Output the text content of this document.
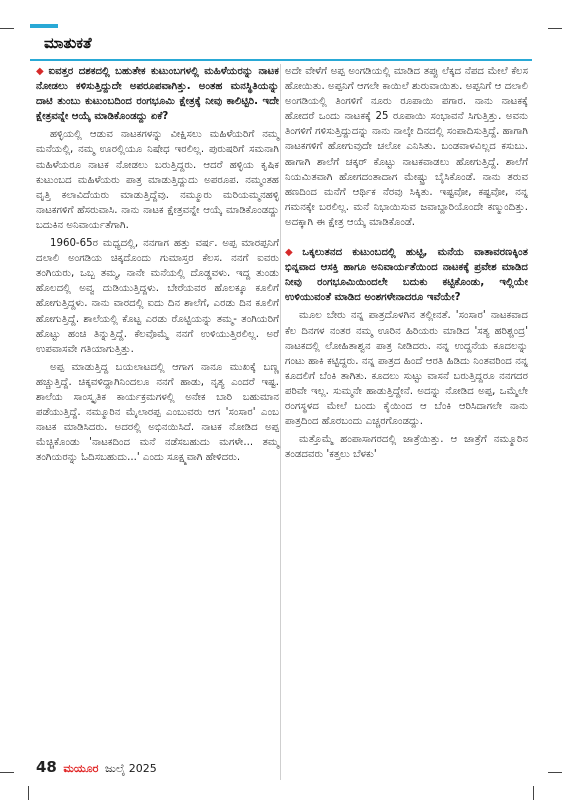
ಮಾತುಕತೆ

◆ ಐವತ್ತರ ದಶಕದಲ್ಲಿ ಬಹುತೇಕ ಕುಟುಂಬಗಳಲ್ಲಿ ಮಹಿಳೆಯರನ್ನು ನಾಟಕ ನೋಡಲು ಕಳಿಸುತ್ತಿದ್ದುದೇ ಅಪರೂಪವಾಗಿತ್ತು. ಅಂತಹ ಮನಸ್ಥಿತಿಯನ್ನು ದಾಟಿ ತುಂಬು ಕುಟುಂಬದಿಂದ ರಂಗಭೂಮಿ ಕ್ಷೇತ್ರಕ್ಕೆ ನೀವು ಕಾಲಿಟ್ಟಿರಿ. ಇದೇ ಕ್ಷೇತ್ರವನ್ನೇ ಆಯ್ಕೆ ಮಾಡಿಕೊಂಡದ್ದು ಏಕೆ?

ಹಳ್ಳಿಯಲ್ಲಿ ಆಡುವ ನಾಟಕಗಳನ್ನು ವೀಕ್ಷಿಸಲು ಮಹಿಳೆಯರಿಗೆ ನಮ್ಮ ಮನೆಯಲ್ಲಿ, ನಮ್ಮ ಊರಲ್ಲಿಯೂ ನಿಷೇಧ ಇರಲಿಲ್ಲ. ಪುರುಷರಿಗೆ ಸಮನಾಗಿ ಮಹಿಳೆಯರೂ ನಾಟಕ ನೋಡಲು ಬರುತ್ತಿದ್ದರು. ಆದರೆ ಹಳ್ಳಿಯ ಕೃಷಿಕ ಕುಟುಂಬದ ಮಹಿಳೆಯರು ಪಾತ್ರ ಮಾಡುತ್ತಿದ್ದುದು ಅಪರೂಪ. ನಮ್ಮಂತಹ ವೃತ್ತಿ ಕಲಾವಿದೆಯರು ಮಾಡುತ್ತಿದ್ದೆವು. ನಮ್ಮೂರು ಮರಿಯಮ್ಮನಹಳ್ಳಿ ನಾಟಕಗಳಿಗೆ ಹೆಸರುವಾಸಿ. ನಾನು ನಾಟಕ ಕ್ಷೇತ್ರವನ್ನೇ ಆಯ್ಕೆ ಮಾಡಿಕೊಂಡದ್ದು ಬದುಕಿನ ಅನಿವಾರ್ಯತೆಗಾಗಿ.

1960-65ರ ಮಧ್ಯದಲ್ಲಿ, ನನಗಾಗ ಹತ್ತು ವರ್ಷ. ಅಪ್ಪ ಮಾರಪ್ಪನಿಗೆ ದಲಾಲಿ ಅಂಗಡಿಯ ಚಿಕ್ಕದೊಂದು ಗುಮಾಸ್ತರ ಕೆಲಸ. ನನಗೆ ಐವರು ತಂಗಿಯರು, ಒಬ್ಬ ತಮ್ಮ, ನಾನೇ ಮನೆಯಲ್ಲಿ ದೊಡ್ಡವಳು. ಇದ್ದ ತುಂಡು ಹೊಲದಲ್ಲಿ ಅವ್ವ ದುಡಿಯುತ್ತಿದ್ದಳು. ಬೇರೆಯವರ ಹೊಲಕ್ಕೂ ಕೂಲಿಗೆ ಹೋಗುತ್ತಿದ್ದಳು. ನಾನು ವಾರದಲ್ಲಿ ಐದು ದಿನ ಶಾಲೆಗೆ, ಎರಡು ದಿನ ಕೂಲಿಗೆ ಹೋಗುತ್ತಿದ್ದೆ. ಶಾಲೆಯಲ್ಲಿ ಕೊಟ್ಟ ಎರಡು ರೊಟ್ಟಿಯನ್ನು ತಮ್ಮ- ತಂಗಿಯರಿಗೆ ಹೊಟ್ಟು ಹಂಚಿ ತಿನ್ನುತ್ತಿದ್ದೆ. ಕೆಲವೊಮ್ಮೆ ನನಗೆ ಉಳಿಯುತ್ತಿರಲಿಲ್ಲ. ಅರೆ ಉಪವಾಸವೇ ಗತಿಯಾಗುತ್ತಿತ್ತು.

ಅಪ್ಪ ಮಾಡುತ್ತಿದ್ದ ಬಯಲಾಟದಲ್ಲಿ ಆಗಾಗ ನಾನೂ ಮುಖಕ್ಕೆ ಬಣ್ಣ ಹಚ್ಚುತ್ತಿದ್ದೆ. ಚಿಕ್ಕವಳಿದ್ದಾಗಿನಿಂದಲೂ ನನಗೆ ಹಾಡು, ನೃತ್ಯ ಎಂದರೆ ಇಷ್ಟ. ಶಾಲೆಯ ಸಾಂಸ್ಕೃತಿಕ ಕಾರ್ಯಕ್ರಮಗಳಲ್ಲಿ ಅನೇಕ ಬಾರಿ ಬಹುಮಾನ ಪಡೆಯುತ್ತಿದ್ದೆ. ನಮ್ಮೂರಿನ ಮೈಲಾರಪ್ಪ ಎಂಬುವರು ಆಗ 'ಸಂಸಾರ' ಎಂಬ ನಾಟಕ ಮಾಡಿಸಿದರು. ಅದರಲ್ಲಿ ಅಭಿನಯಿಸಿದೆ. ನಾಟಕ ನೋಡಿದ ಅಪ್ಪ ಮೆಚ್ಚಿಕೊಂಡು 'ನಾಟಕದಿಂದ ಮನೆ ನಡೆಸಬಹುದು ಮಗಳೇ... ತಮ್ಮ ತಂಗಿಯರನ್ನು ಓದಿಸಬಹುದು...' ಎಂದು ಸೂಕ್ಷ್ಮವಾಗಿ ಹೇಳಿದರು.

ಅದೇ ವೇಳೆಗೆ ಅಪ್ಪ ಅಂಗಡಿಯಲ್ಲಿ ಮಾಡಿದ ತಪ್ಪು ಲೆಕ್ಕದ ನೆಪದ ಮೇಲೆ ಕೆಲಸ ಹೋಯಿತು. ಅಪ್ಪನಿಗೆ ಆಗಲೇ ಕಾಯಿಲೆ ಶುರುವಾಯಿತು. ಅಪ್ಪನಿಗೆ ಆ ದಲಾಲಿ ಅಂಗಡಿಯಲ್ಲಿ ತಿಂಗಳಿಗೆ ನೂರು ರೂಪಾಯಿ ಪಗಾರ. ನಾನು ನಾಟಕಕ್ಕೆ ಹೋದರೆ ಒಂದು ನಾಟಕಕ್ಕೆ 25 ರೂಪಾಯಿ ಸಂಭಾವನೆ ಸಿಗುತ್ತಿತ್ತು. ಅವನು ತಿಂಗಳಿಗೆ ಗಳಿಸುತ್ತಿದ್ದುದನ್ನು ನಾನು ನಾಲ್ಕೇ ದಿನದಲ್ಲಿ ಸಂಪಾದಿಸುತ್ತಿದ್ದೆ. ಹಾಗಾಗಿ ನಾಟಕಗಳಿಗೆ ಹೋಗುವುದೇ ಚಲೋ ಎನಿಸಿತು. ಬಂಡವಾಳವಿಲ್ಲದ ಕಸುಬು. ಹಾಗಾಗಿ ಶಾಲೆಗೆ ಚಕ್ಕರ್ ಕೊಟ್ಟು ನಾಟಕವಾಡಲು ಹೋಗುತ್ತಿದ್ದೆ. ಶಾಲೆಗೆ ನಿಯಮಿತವಾಗಿ ಹೋಗದಂತಾದಾಗ ಮೇಷ್ಟ್ರು ಬೈಸಿಕೊಂಡೆ. ನಾನು ತರುವ ಹಣದಿಂದ ಮನೆಗೆ ಆರ್ಥಿಕ ನೆರವು ಸಿಕ್ಕಿತು. ಇಷ್ಟವೋ, ಕಷ್ಟವೋ, ನನ್ನ ಗಮನಕ್ಕೇ ಬರಲಿಲ್ಲ. ಮನೆ ನಿಭಾಯಿಸುವ ಜವಾಬ್ದಾರಿಯೊಂದೇ ಕಣ್ಮುಂದಿತ್ತು. ಅದಕ್ಕಾಗಿ ಈ ಕ್ಷೇತ್ರ ಆಯ್ಕೆ ಮಾಡಿಕೊಂಡೆ.

◆ ಒಕ್ಕಲುತನದ ಕುಟುಂಬದಲ್ಲಿ ಹುಟ್ಟಿ, ಮನೆಯ ವಾತಾವರಣಕ್ಕಿಂತ ಭಿನ್ನವಾದ ಆಸಕ್ತಿ ಹಾಗೂ ಅನಿವಾರ್ಯತೆಯಿಂದ ನಾಟಕಕ್ಕೆ ಪ್ರವೇಶ ಮಾಡಿದ ನೀವು ರಂಗಭೂಮಿಯಿಂದಲೇ ಬದುಕು ಕಟ್ಟಿಕೊಂಡು, ಇಲ್ಲಿಯೇ ಉಳಿಯುವಂತೆ ಮಾಡಿದ ಅಂಶಗಳೇನಾದರೂ ಇವೆಯೇ?

ಮೂಲ ಬೇರು ನನ್ನ ಪಾತ್ರದೊಳಗಿನ ತಲ್ಲೀನತೆ. 'ಸಂಸಾರ' ನಾಟಕವಾದ ಕೆಲ ದಿನಗಳ ನಂತರ ನಮ್ಮ ಊರಿನ ಹಿರಿಯರು ಮಾಡಿದ 'ಸತ್ಯ ಹರಿಶ್ಚಂದ್ರ' ನಾಟಕದಲ್ಲಿ ಲೋಹಿತಾಶ್ವನ ಪಾತ್ರ ನೀಡಿದರು. ನನ್ನ ಉದ್ದನೆಯ ಕೂದಲನ್ನು ಗಂಟು ಹಾಕಿ ಕಟ್ಟಿದ್ದರು. ನನ್ನ ಪಾತ್ರದ ಹಿಂದೆ ಆರತಿ ಹಿಡಿದು ನಿಂತವರಿಂದ ನನ್ನ ಕೂದಲಿಗೆ ಬೆಂಕಿ ತಾಗಿತು. ಕೂದಲು ಸುಟ್ಟು ವಾಸನೆ ಬರುತ್ತಿದ್ದರೂ ನನಗದರ ಪರಿವೇ ಇಲ್ಲ. ಸುಮ್ಮನೇ ಹಾಡುತ್ತಿದ್ದೇನೆ. ಅದನ್ನು ನೋಡಿದ ಅಪ್ಪ, ಒಮ್ಮೆಲೇ ರಂಗಸ್ಥಳದ ಮೇಲೆ ಬಂದು ಕೈಯಿಂದ ಆ ಬೆಂಕಿ ಆರಿಸಿದಾಗಲೇ ನಾನು ಪಾತ್ರದಿಂದ ಹೊರಬಂದು ಎಚ್ಚರಗೊಂಡದ್ದು.

ಮತ್ತೊಮ್ಮೆ ಹಂಪಾಸಾಗರದಲ್ಲಿ ಜಾತ್ರೆಯಿತ್ತು. ಆ ಜಾತ್ರೆಗೆ ನಮ್ಮೂರಿನ ತಂಡದವರು 'ಕತ್ತಲು ಬೆಳಕು'

48 ಮಯೂರ ಜುಲೈ 2025
